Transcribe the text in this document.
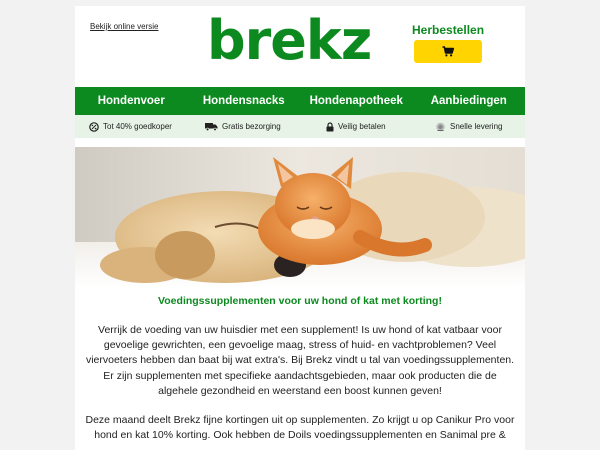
Bekijk online versie brekz	Herbestellen
Hondenvoer	Hondensnacks	Hondenapotheek	Aanbiedingen
Tot 40% goedkoper	Gratis bezorging	Veilig betalen	Snelle levering
Voedingssupplementen voor uw hond of kat met korting!

Verrijk de voeding van uw huisdier met een supplement! Is uw hond of kat vatbaar voor gevoelige gewrichten, een gevoelige maag, stress of huid- en vachtproblemen? Veel viervoeters hebben dan baat bij wat extra's. Bij Brekz vindt u tal van voedingssupplementen. Er zijn supplementen met specifieke aandachtsgebieden, maar ook producten die de algehele gezondheid en weerstand een boost kunnen geven!

Deze maand deelt Brekz fijne kortingen uit op supplementen. Zo krijgt u op Canikur Pro voor hond en kat 10% korting. Ook hebben de Doils voedingssupplementen en Sanimal pre &
